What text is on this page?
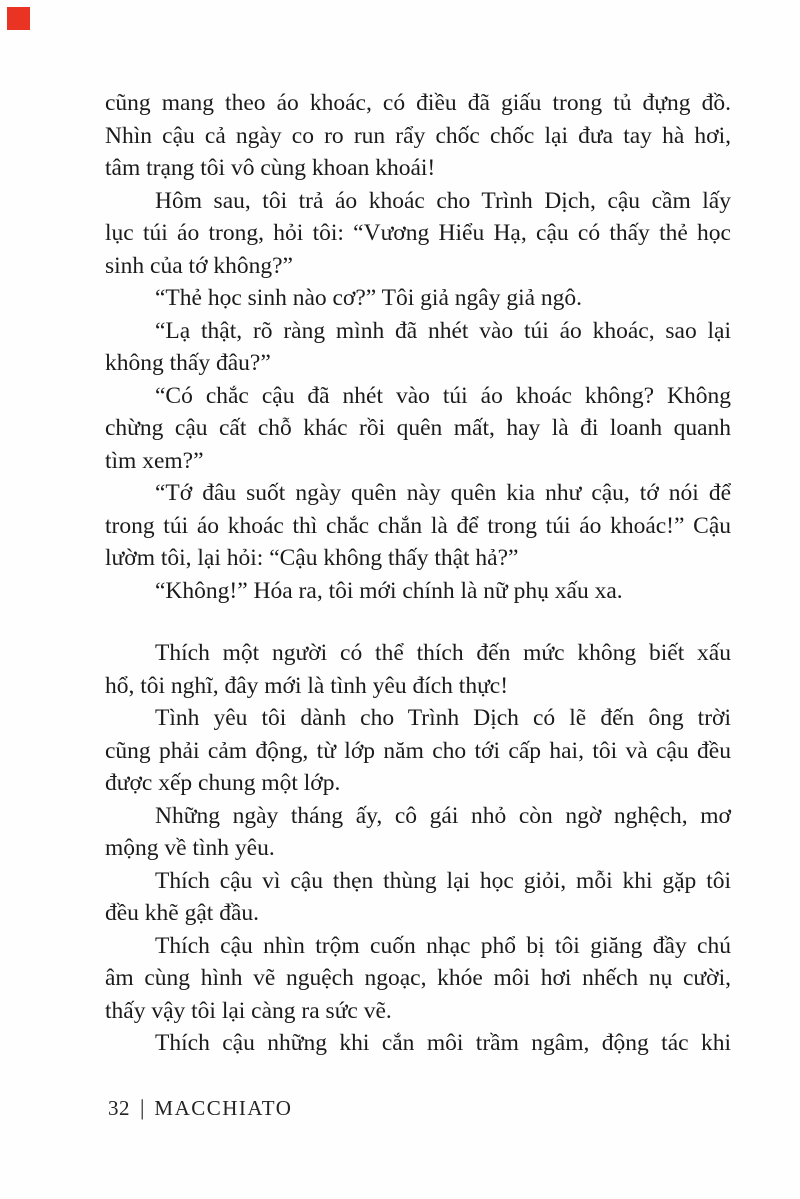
cũng mang theo áo khoác, có điều đã giấu trong tủ đựng đồ.
Nhìn cậu cả ngày co ro run rẩy chốc chốc lại đưa tay hà hơi,
tâm trạng tôi vô cùng khoan khoái!
Hôm sau, tôi trả áo khoác cho Trình Dịch, cậu cầm lấy
lục túi áo trong, hỏi tôi: “Vương Hiểu Hạ, cậu có thấy thẻ học
sinh của tớ không?”
“Thẻ học sinh nào cơ?” Tôi giả ngây giả ngô.
“Lạ thật, rõ ràng mình đã nhét vào túi áo khoác, sao lại
không thấy đâu?”
“Có chắc cậu đã nhét vào túi áo khoác không? Không
chừng cậu cất chỗ khác rồi quên mất, hay là đi loanh quanh
tìm xem?”
“Tớ đâu suốt ngày quên này quên kia như cậu, tớ nói để
trong túi áo khoác thì chắc chắn là để trong túi áo khoác!” Cậu
lườm tôi, lại hỏi: “Cậu không thấy thật hả?”
“Không!” Hóa ra, tôi mới chính là nữ phụ xấu xa.
Thích một người có thể thích đến mức không biết xấu
hổ, tôi nghĩ, đây mới là tình yêu đích thực!
Tình yêu tôi dành cho Trình Dịch có lẽ đến ông trời
cũng phải cảm động, từ lớp năm cho tới cấp hai, tôi và cậu đều
được xếp chung một lớp.
Những ngày tháng ấy, cô gái nhỏ còn ngờ nghệch, mơ
mộng về tình yêu.
Thích cậu vì cậu thẹn thùng lại học giỏi, mỗi khi gặp tôi
đều khẽ gật đầu.
Thích cậu nhìn trộm cuốn nhạc phổ bị tôi giăng đầy chú
âm cùng hình vẽ nguệch ngoạc, khóe môi hơi nhếch nụ cười,
thấy vậy tôi lại càng ra sức vẽ.
Thích cậu những khi cắn môi trầm ngâm, động tác khi
32 | MACCHIATO
